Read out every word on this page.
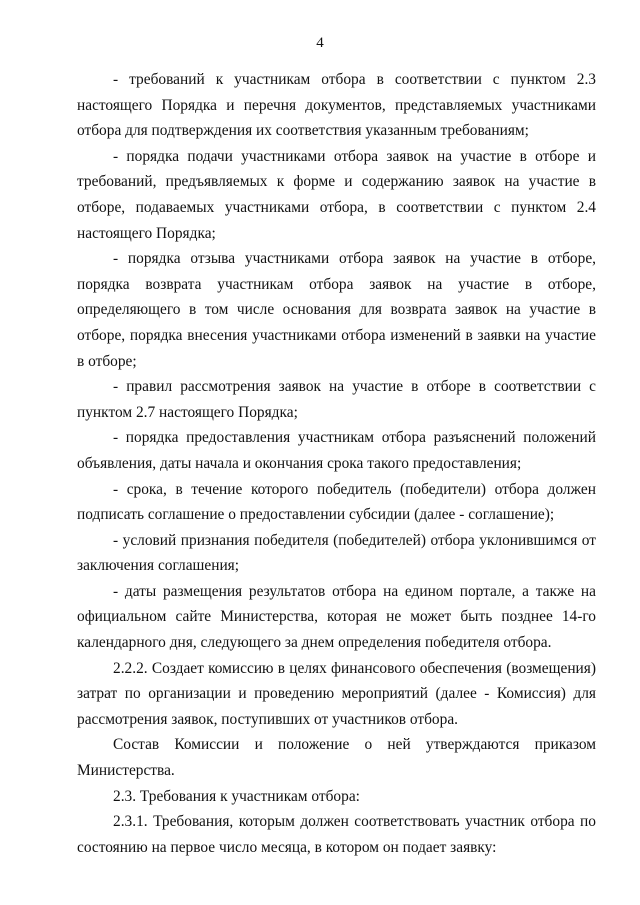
4

- требований к участникам отбора в соответствии с пунктом 2.3 настоящего Порядка и перечня документов, представляемых участниками отбора для подтверждения их соответствия указанным требованиям;

- порядка подачи участниками отбора заявок на участие в отборе и требований, предъявляемых к форме и содержанию заявок на участие в отборе, подаваемых участниками отбора, в соответствии с пунктом 2.4 настоящего Порядка;

- порядка отзыва участниками отбора заявок на участие в отборе, порядка возврата участникам отбора заявок на участие в отборе, определяющего в том числе основания для возврата заявок на участие в отборе, порядка внесения участниками отбора изменений в заявки на участие в отборе;

- правил рассмотрения заявок на участие в отборе в соответствии с пунктом 2.7 настоящего Порядка;

- порядка предоставления участникам отбора разъяснений положений объявления, даты начала и окончания срока такого предоставления;

- срока, в течение которого победитель (победители) отбора должен подписать соглашение о предоставлении субсидии (далее - соглашение);

- условий признания победителя (победителей) отбора уклонившимся от заключения соглашения;

- даты размещения результатов отбора на едином портале, а также на официальном сайте Министерства, которая не может быть позднее 14-го календарного дня, следующего за днем определения победителя отбора.

2.2.2. Создает комиссию в целях финансового обеспечения (возмещения) затрат по организации и проведению мероприятий (далее - Комиссия) для рассмотрения заявок, поступивших от участников отбора.

Состав Комиссии и положение о ней утверждаются приказом Министерства.

2.3. Требования к участникам отбора:

2.3.1. Требования, которым должен соответствовать участник отбора по состоянию на первое число месяца, в котором он подает заявку:
